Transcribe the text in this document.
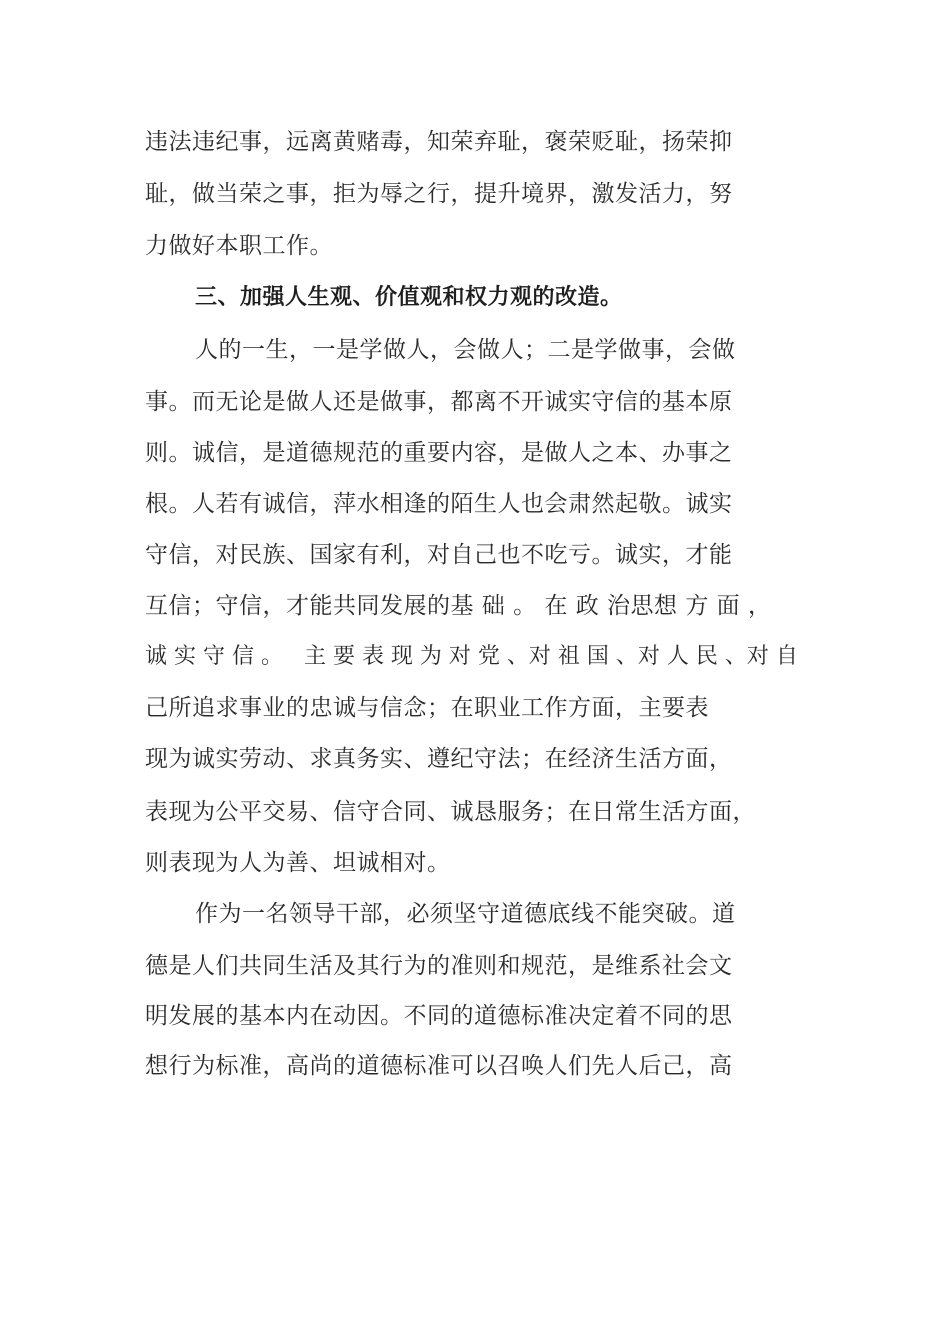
违法违纪事，远离黄赌毒，知荣弃耻，褒荣贬耻，扬荣抑
耻，做当荣之事，拒为辱之行，提升境界，激发活力，努
力做好本职工作。
三、加强人生观、价值观和权力观的改造。
人的一生，一是学做人，会做人；二是学做事，会做
事。而无论是做人还是做事，都离不开诚实守信的基本原
则。诚信，是道德规范的重要内容，是做人之本、办事之
根。人若有诚信，萍水相逢的陌生人也会肃然起敬。诚实
守信，对民族、国家有利，对自己也不吃亏。诚实，才能
互信；守信，才能共同发展的基 础 。 在 政 治思想 方 面 ，
诚 实 守 信 。   主 要 表 现 为 对 党 、对 祖 国 、对 人 民 、对 自
己所追求事业的忠诚与信念；在职业工作方面，主要表
现为诚实劳动、求真务实、遵纪守法；在经济生活方面，
表现为公平交易、信守合同、诚恳服务；在日常生活方面，
则表现为人为善、坦诚相对。
作为一名领导干部，必须坚守道德底线不能突破。道
德是人们共同生活及其行为的准则和规范，是维系社会文
明发展的基本内在动因。不同的道德标准决定着不同的思
想行为标准，高尚的道德标准可以召唤人们先人后己，高
